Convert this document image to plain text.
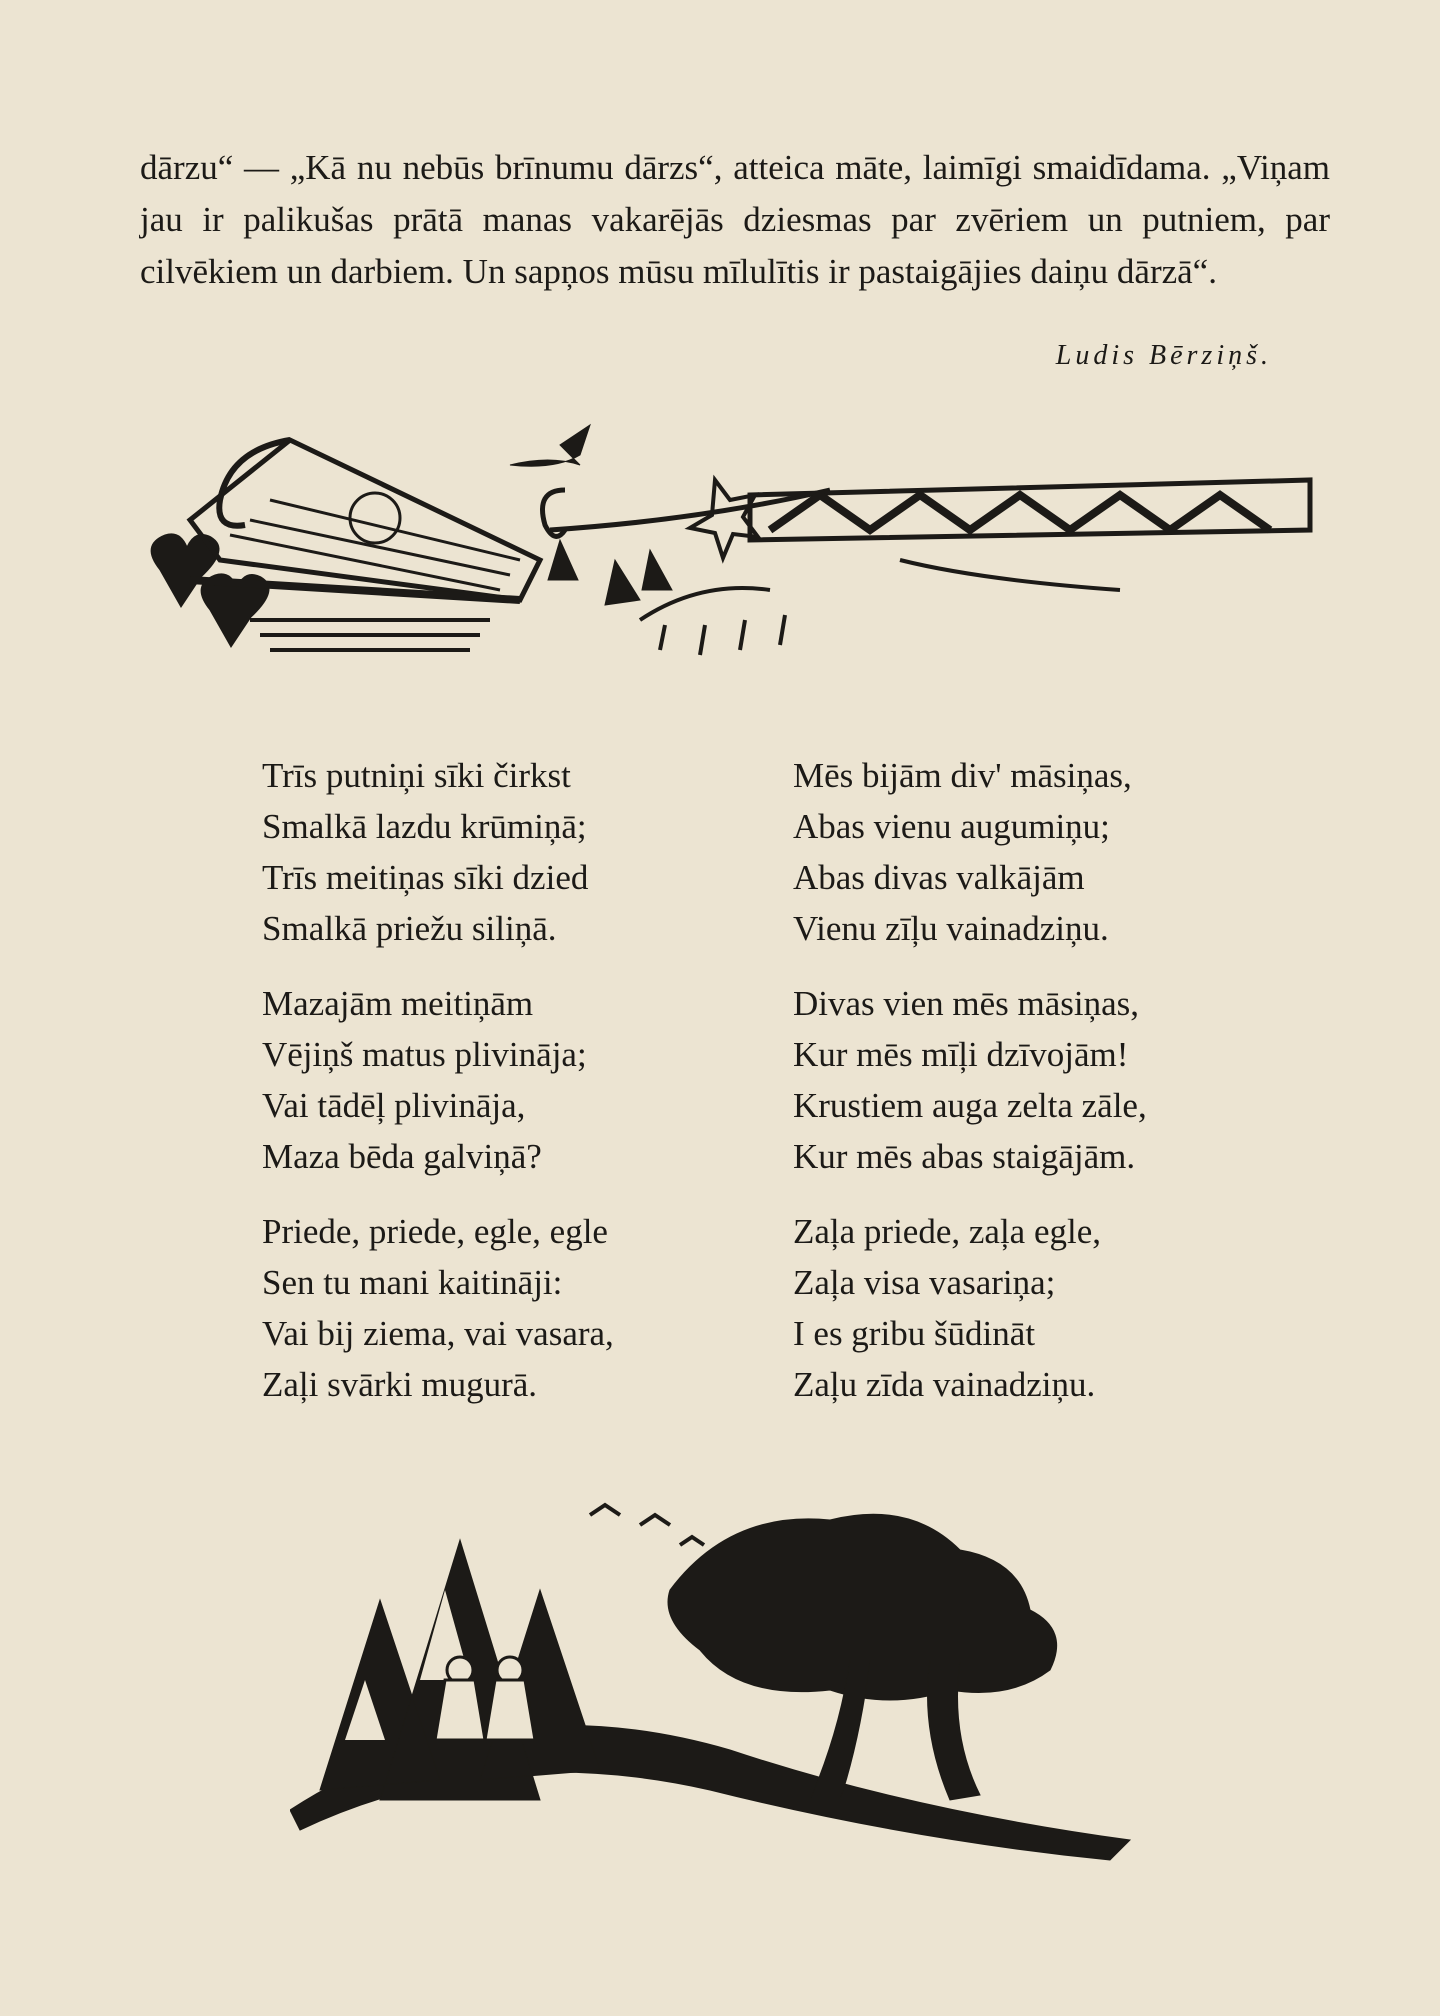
dārzu“ — „Kā nu nebūs brīnumu dārzs“, atteica māte, laimīgi smaidīdama. „Viņam jau ir palikušas prātā manas vakarējās dziesmas par zvēriem un putniem, par cilvēkiem un darbiem. Un sapņos mūsu mīlulītis ir pastaigājies daiņu dārzā“.

Ludis Bērziņš.
Trīs putniņi sīki čirkst
Smalkā lazdu krūmiņā;
Trīs meitiņas sīki dzied
Smalkā priežu siliņā.
Mazajām meitiņām
Vējiņš matus plivināja;
Vai tādēļ plivināja,
Maza bēda galviņā?
Priede, priede, egle, egle
Sen tu mani kaitināji:
Vai bij ziema, vai vasara,
Zaļi svārki mugurā.
Mēs bijām div' māsiņas,
Abas vienu augumiņu;
Abas divas valkājām
Vienu zīļu vainadziņu.
Divas vien mēs māsiņas,
Kur mēs mīļi dzīvojām!
Krustiem auga zelta zāle,
Kur mēs abas staigājām.
Zaļa priede, zaļa egle,
Zaļa visa vasariņa;
I es gribu šūdināt
Zaļu zīda vainadziņu.
